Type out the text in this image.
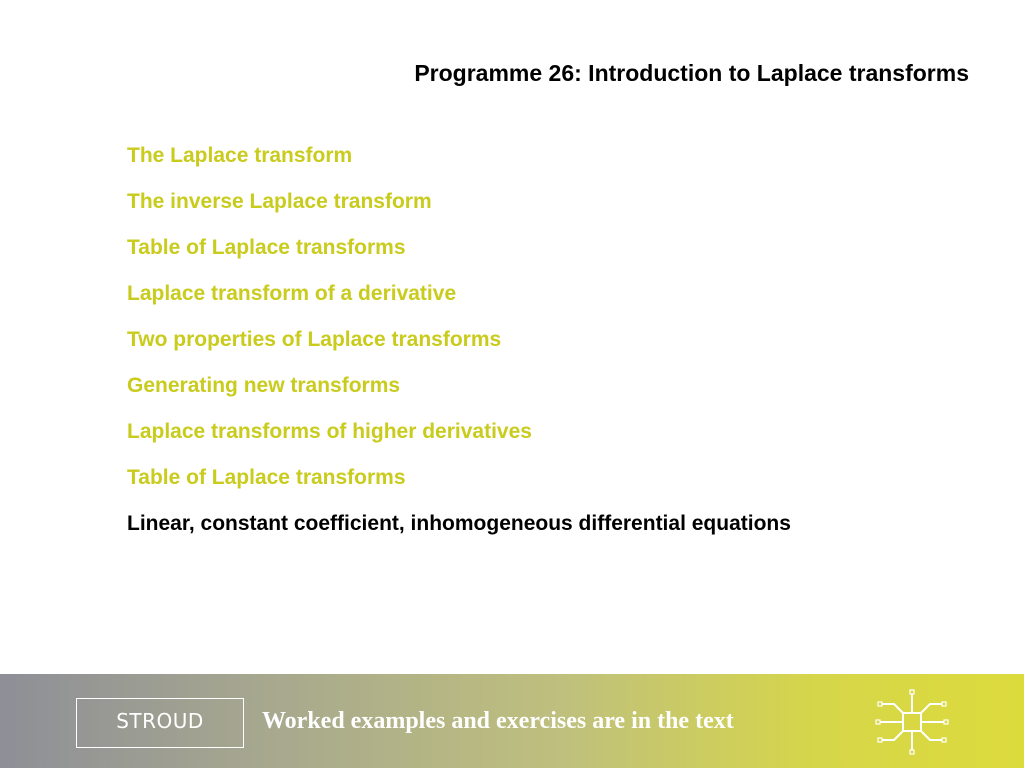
Programme 26: Introduction to Laplace transforms
The Laplace transform
The inverse Laplace transform
Table of Laplace transforms
Laplace transform of a derivative
Two properties of Laplace transforms
Generating new transforms
Laplace transforms of higher derivatives
Table of Laplace transforms
Linear, constant coefficient, inhomogeneous differential equations
STROUD	Worked examples and exercises are in the text
